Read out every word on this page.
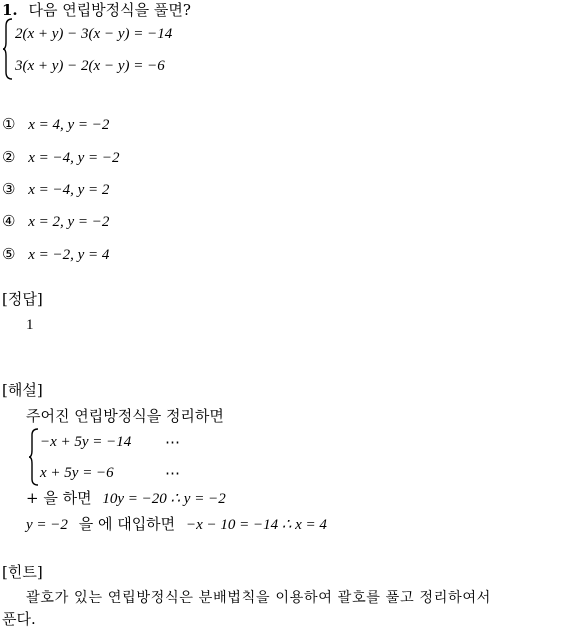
1. 다음 연립방정식을 풀면?
2(x + y) − 3(x − y) = −14
3(x + y) − 2(x − y) = −6
① x = 4, y = −2
② x = −4, y = −2
③ x = −4, y = 2
④ x = 2, y = −2
⑤ x = −2, y = 4
[정답]
1
[해설]
주어진 연립방정식을 정리하면
−x + 5y = −14 ⋯
x + 5y = −6	⋯
+ 을 하면 10y = −20 ∴ y = −2
y = −2 을 에 대입하면 −x − 10 = −14 ∴ x = 4
[힌트]
괄호가 있는 연립방정식은 분배법칙을 이용하여 괄호를 풀고 정리하여서
푼다.
